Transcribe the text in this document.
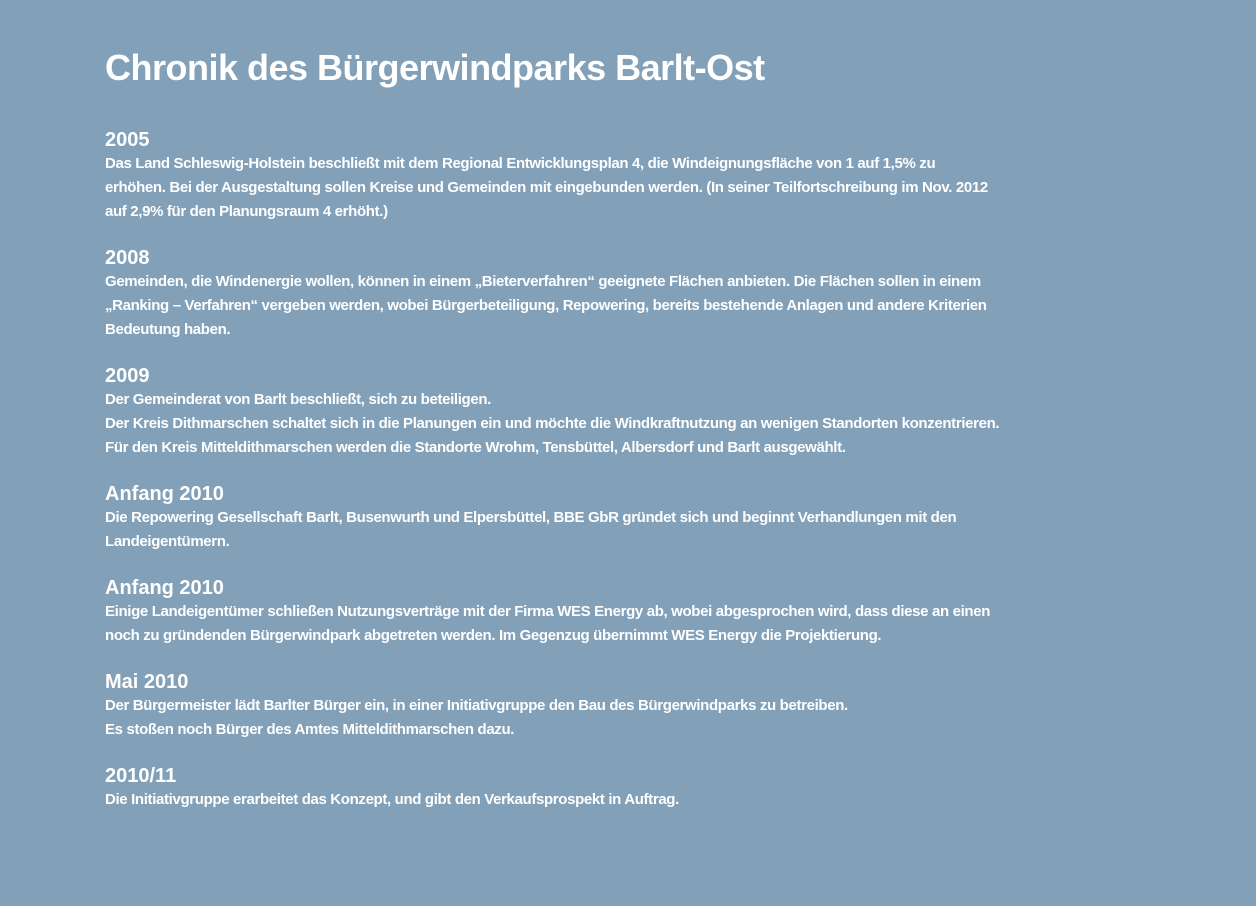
Chronik des Bürgerwindparks Barlt-Ost
2005

Das Land Schleswig-Holstein beschließt mit dem Regional Entwicklungsplan 4, die Windeignungsfläche von 1 auf 1,5% zu
erhöhen. Bei der Ausgestaltung sollen Kreise und Gemeinden mit eingebunden werden. (In seiner Teilfortschreibung im Nov. 2012
auf 2,9% für den Planungsraum 4 erhöht.)

2008

Gemeinden, die Windenergie wollen, können in einem „Bieterverfahren“ geeignete Flächen anbieten. Die Flächen sollen in einem
„Ranking – Verfahren“ vergeben werden, wobei Bürgerbeteiligung, Repowering, bereits bestehende Anlagen und andere Kriterien
Bedeutung haben.

2009

Der Gemeinderat von Barlt beschließt, sich zu beteiligen.
Der Kreis Dithmarschen schaltet sich in die Planungen ein und möchte die Windkraftnutzung an wenigen Standorten konzentrieren.
Für den Kreis Mitteldithmarschen werden die Standorte Wrohm, Tensbüttel, Albersdorf und Barlt ausgewählt.

Anfang 2010

Die Repowering Gesellschaft Barlt, Busenwurth und Elpersbüttel, BBE GbR gründet sich und beginnt Verhandlungen mit den
Landeigentümern.

Anfang 2010

Einige Landeigentümer schließen Nutzungsverträge mit der Firma WES Energy ab, wobei abgesprochen wird, dass diese an einen
noch zu gründenden Bürgerwindpark abgetreten werden. Im Gegenzug übernimmt WES Energy die Projektierung.

Mai 2010

Der Bürgermeister lädt Barlter Bürger ein, in einer Initiativgruppe den Bau des Bürgerwindparks zu betreiben.
Es stoßen noch Bürger des Amtes Mitteldithmarschen dazu.

2010/11

Die Initiativgruppe erarbeitet das Konzept, und gibt den Verkaufsprospekt in Auftrag.
